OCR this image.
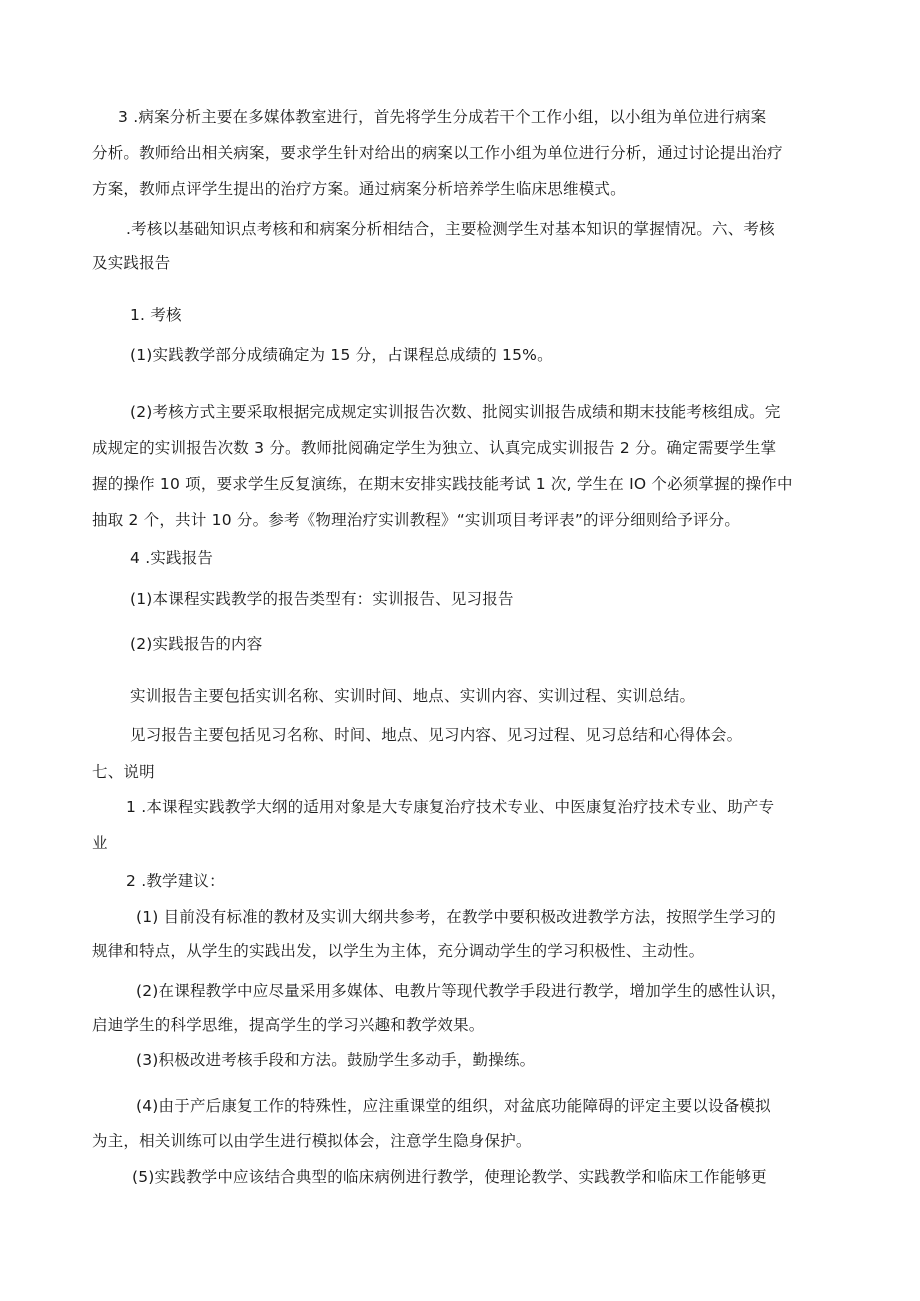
3 .病案分析主要在多媒体教室进行，首先将学生分成若干个工作小组，以小组为单位进行病案
分析。教师给出相关病案，要求学生针对给出的病案以工作小组为单位进行分析，通过讨论提出治疗
方案，教师点评学生提出的治疗方案。通过病案分析培养学生临床思维模式。
.考核以基础知识点考核和和病案分析相结合，主要检测学生对基本知识的掌握情况。六、考核
及实践报告
1. 考核
(1)实践教学部分成绩确定为 15 分，占课程总成绩的 15%。
(2)考核方式主要采取根据完成规定实训报告次数、批阅实训报告成绩和期末技能考核组成。完
成规定的实训报告次数 3 分。教师批阅确定学生为独立、认真完成实训报告 2 分。确定需要学生掌
握的操作 10 项，要求学生反复演练，在期末安排实践技能考试 1 次, 学生在 IO 个必须掌握的操作中
抽取 2 个，共计 10 分。参考《物理治疗实训教程》“实训项目考评表”的评分细则给予评分。
4 .实践报告
(1)本课程实践教学的报告类型有：实训报告、见习报告
(2)实践报告的内容
实训报告主要包括实训名称、实训时间、地点、实训内容、实训过程、实训总结。
见习报告主要包括见习名称、时间、地点、见习内容、见习过程、见习总结和心得体会。
七、说明
1 .本课程实践教学大纲的适用对象是大专康复治疗技术专业、中医康复治疗技术专业、助产专
业
2 .教学建议：
(1) 目前没有标准的教材及实训大纲共参考，在教学中要积极改进教学方法，按照学生学习的
规律和特点，从学生的实践出发，以学生为主体，充分调动学生的学习积极性、主动性。
(2)在课程教学中应尽量采用多媒体、电教片等现代教学手段进行教学，增加学生的感性认识，
启迪学生的科学思维，提高学生的学习兴趣和教学效果。
(3)积极改进考核手段和方法。鼓励学生多动手，勤操练。
(4)由于产后康复工作的特殊性，应注重课堂的组织，对盆底功能障碍的评定主要以设备模拟
为主，相关训练可以由学生进行模拟体会，注意学生隐身保护。
(5)实践教学中应该结合典型的临床病例进行教学，使理论教学、实践教学和临床工作能够更
